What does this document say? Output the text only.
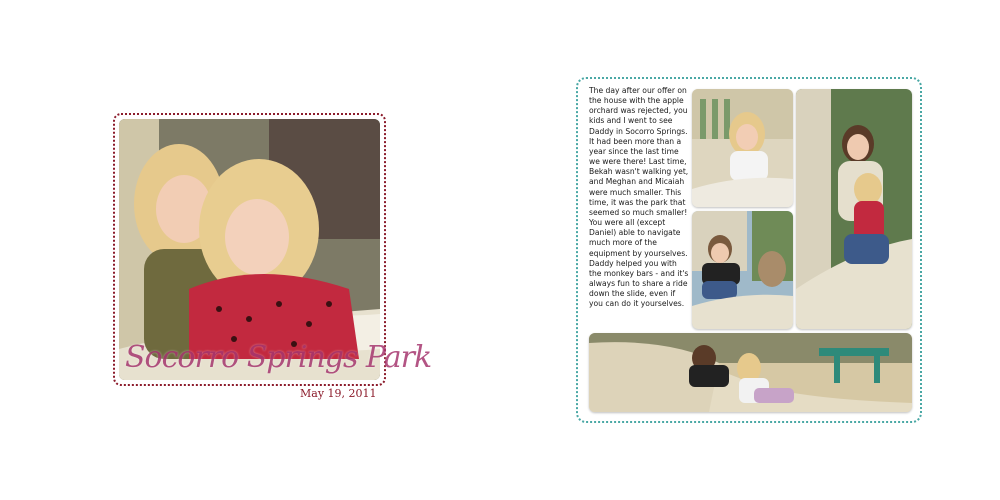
Socorro Springs Park
May 19, 2011

The day after our offer on the house with the apple orchard was rejected, you kids and I went to see Daddy in Socorro Springs. It had been more than a year since the last time we were there! Last time, Bekah wasn't walking yet, and Meghan and Micaiah were much smaller. This time, it was the park that seemed so much smaller! You were all (except Daniel) able to navigate much more of the equipment by yourselves. Daddy helped you with the monkey bars - and it's always fun to share a ride down the slide, even if you can do it yourselves.
